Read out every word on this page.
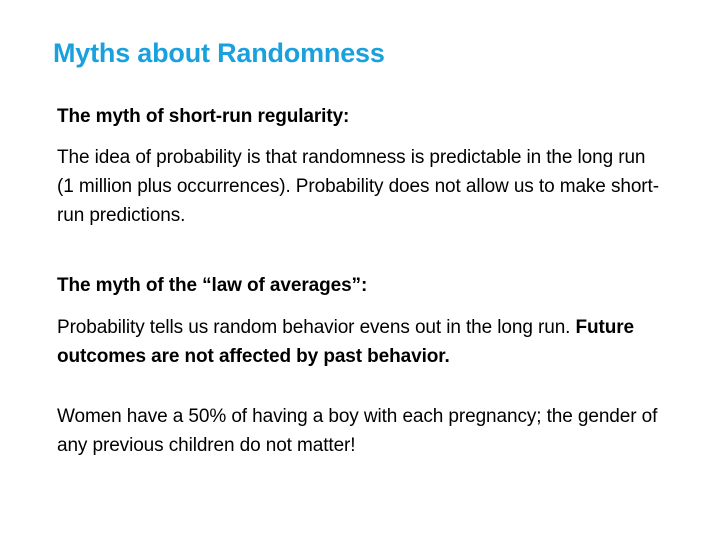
Myths about Randomness
The myth of short-run regularity:
The idea of probability is that randomness is predictable in the long run (1 million plus occurrences). Probability does not allow us to make short-run predictions.
The myth of the “law of averages”:
Probability tells us random behavior evens out in the long run. Future outcomes are not affected by past behavior.
Women have a 50% of having a boy with each pregnancy; the gender of any previous children do not matter!
